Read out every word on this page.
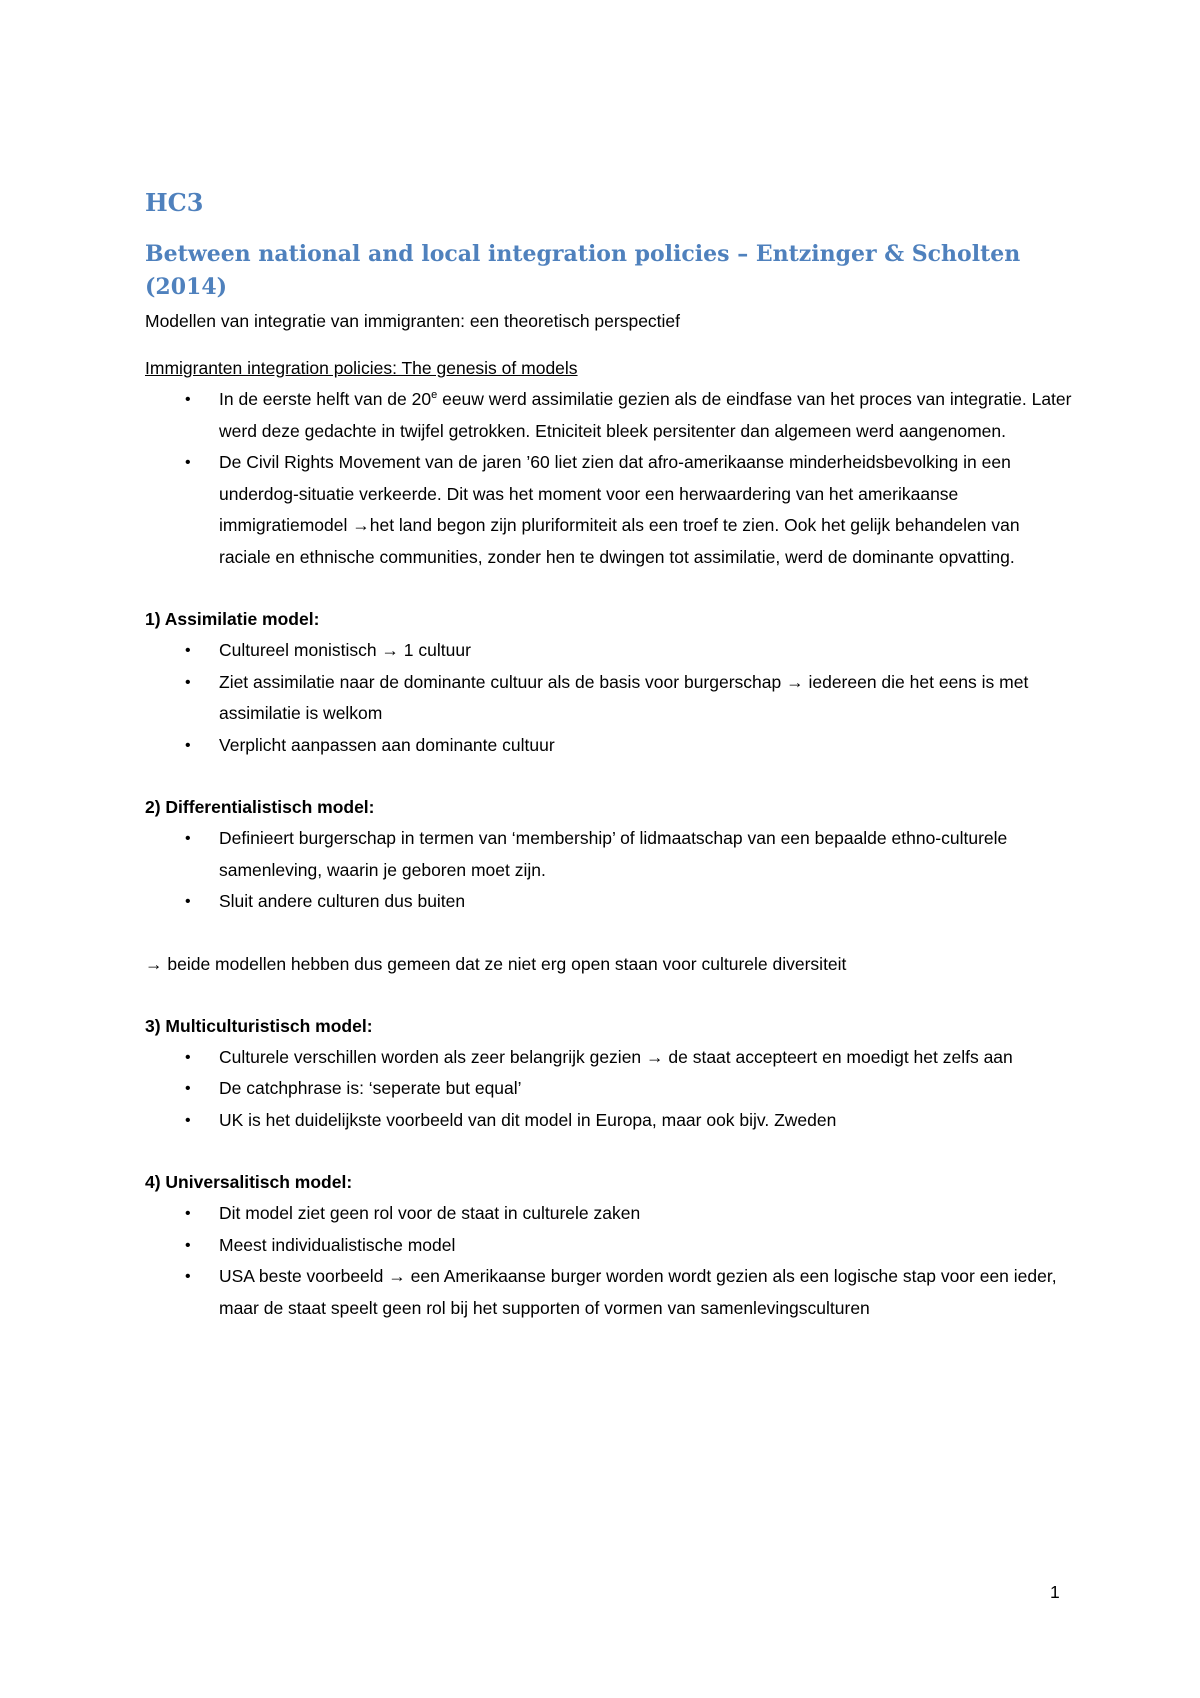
HC3
Between national and local integration policies – Entzinger & Scholten (2014)

Modellen van integratie van immigranten: een theoretisch perspectief

Immigranten integration policies: The genesis of models

• In de eerste helft van de 20e eeuw werd assimilatie gezien als de eindfase van het proces van integratie. Later werd deze gedachte in twijfel getrokken. Etniciteit bleek persitenter dan algemeen werd aangenomen.
• De Civil Rights Movement van de jaren ’60 liet zien dat afro-amerikaanse minderheidsbevolking in een underdog-situatie verkeerde. Dit was het moment voor een herwaardering van het amerikaanse immigratiemodel →het land begon zijn pluriformiteit als een troef te zien. Ook het gelijk behandelen van raciale en ethnische communities, zonder hen te dwingen tot assimilatie, werd de dominante opvatting.

1) Assimilatie model:

• Cultureel monistisch → 1 cultuur
• Ziet assimilatie naar de dominante cultuur als de basis voor burgerschap → iedereen die het eens is met assimilatie is welkom
• Verplicht aanpassen aan dominante cultuur

2) Differentialistisch model:

• Definieert burgerschap in termen van ‘membership’ of lidmaatschap van een bepaalde ethno-culturele samenleving, waarin je geboren moet zijn.
• Sluit andere culturen dus buiten

→ beide modellen hebben dus gemeen dat ze niet erg open staan voor culturele diversiteit

3) Multiculturistisch model:

• Culturele verschillen worden als zeer belangrijk gezien → de staat accepteert en moedigt het zelfs aan
• De catchphrase is: ‘seperate but equal’
• UK is het duidelijkste voorbeeld van dit model in Europa, maar ook bijv. Zweden

4) Universalitisch model:

• Dit model ziet geen rol voor de staat in culturele zaken
• Meest individualistische model
• USA beste voorbeeld → een Amerikaanse burger worden wordt gezien als een logische stap voor een ieder, maar de staat speelt geen rol bij het supporten of vormen van samenlevingsculturen
1
